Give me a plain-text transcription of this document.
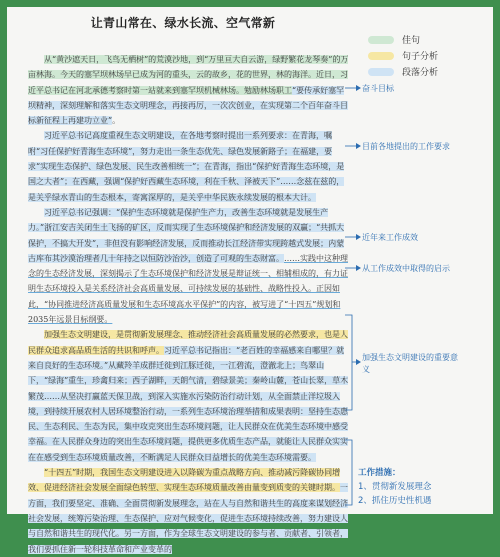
让青山常在、绿水长流、空气常新
佳句
句子分析
段落分析

从“黄沙遮天日，飞鸟无栖树”的荒漠沙地，到“万里亘大自云游，绿野繁花龙琴奏”的万亩林海。今天的塞罕坝林场早已成为河的重头，云的故乡，花的世界，林的海洋。近日，习近平总书记在河北承德考察时第一站就来到塞罕坝机械林场。勉励林场职工“要传承好塞罕坝精神，深刻理解和落实生态文明理念，再接再厉，一次次创业，在实现第二个百年奋斗目标新征程上再建功立业”。

习近平总书记高度重视生态文明建设，在各地考察时提出一系列要求：在青海，嘱咐“习任保护好青海生态环境”，努力走出一条生态优先、绿色发展新路子；在福建，要求“实现生态保护、绿色发展、民生改善相统一”；在青海，指出“保护好青海生态环境，是国之大者”；在西藏，强调“保护好西藏生态环境，利在千秋、泽被天下”……念兹在兹的，是关乎绿水青山的生态根本，寄寓深厚的，是关乎中华民族永续发展的根本大计。

习近平总书记强调：“保护生态环境就是保护生产力，改善生态环境就是发展生产力。”浙江安吉关闭生土飞扬的矿区，反而实现了生态环境保护和经济发展的双赢；“共抓大保护，不搞大开发”，非但没有影响经济发展，反而推动长江经济带实现跨越式发展；内蒙古库布其沙漠治理者几十年持之以恒防沙治沙，创造了可观的生态财富。……实践中这种理念的生态经济发展，深刻揭示了生态环境保护和经济发展是辩证统一、相辅相成的，有力证明生态环境投入是关系经济社会高质量发展、可持续发展的基础性、战略性投入。正因如此，“协同推进经济高质量发展和生态环境高水平保护”的内容，被写进了“十四五”规划和2035年远景目标纲要。

加强生态文明建设，是贯彻新发展理念、推动经济社会高质量发展的必然要求，也是人民群众追求高品质生活的共识和呼声。习近平总书记指出：“老百姓的幸福感来自哪里？就来自良好的生态环境。”从藏羚羊成群迁徙到江豚迁徙，一江碧流，澄澈北上；鸟翠山下，“绿海”重生，珍禽归来；西子湖畔，天朗气清，碧绿景美；秦岭山麓，苍山长翠，草木繁茂……从坚决打赢蓝天保卫战，到深入实施水污染防治行动计划，从全面禁止洋垃圾入境，到持续开展农村人居环境整治行动，一系列生态环境治理举措和成果表明：坚持生态惠民、生态利民、生态为民，集中攻克突出生态环境问题，让人民群众在优美生态环境中感受幸福。在人民群众身边的突出生态环境问题，提供更多优质生态产品，就能让人民群众实实在在感受到生态环境质量改善，不断满足人民群众日益增长的优美生态环境需要。

“十四五”时期，我国生态文明建设进入以降碳为重点战略方向、推动减污降碳协同增效、促进经济社会发展全面绿色转型、实现生态环境质量改善由量变到质变的关键时期。一方面，我们要坚定、准确、全面贯彻新发展理念，站在人与自然和谐共生的高度来谋划经济社会发展，统筹污染治理、生态保护、应对气候变化，促进生态环境持续改善，努力建设人与自然和谐共生的现代化。另一方面，作为全球生态文明建设的参与者、贡献者、引领者，我们要抓住新一轮科技革命和产业变革的

奋斗目标
目前各地提出的工作要求
近年来工作成效
从工作成效中取得的启示
加强生态文明建设的重要意
义
工作措施：
1、贯彻新发展理念
2、抓住历史性机遇
